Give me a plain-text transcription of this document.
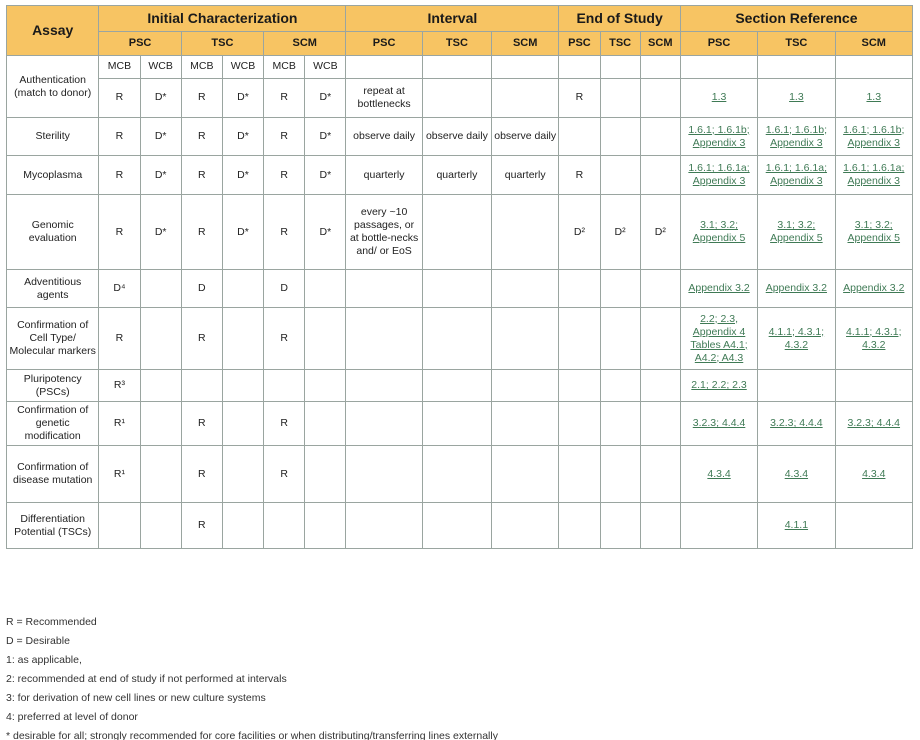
Assay	Initial Characterization						Interval			End of Study			Section Reference		
	PSC		TSC		SCM		PSC	TSC	SCM	PSC	TSC	SCM	PSC	TSC	SCM
Authentication (match to donor)	MCB	WCB	MCB	WCB	MCB	WCB									
	R	D*	R	D*	R	D*	repeat at bottlenecks			R			1.3	1.3	1.3
Sterility	R	D*	R	D*	R	D*	observe daily	observe daily	observe daily				1.6.1; 1.6.1b; Appendix 3	1.6.1; 1.6.1b; Appendix 3	1.6.1; 1.6.1b; Appendix 3
Mycoplasma	R	D*	R	D*	R	D*	quarterly	quarterly	quarterly	R			1.6.1; 1.6.1a; Appendix 3	1.6.1; 1.6.1a; Appendix 3	1.6.1; 1.6.1a; Appendix 3
Genomic evaluation	R	D*	R	D*	R	D*	every ~10 passages, or at bottle-necks and/ or EoS			D²	D²	D²	3.1; 3.2; Appendix 5	3.1; 3.2; Appendix 5	3.1; 3.2; Appendix 5
Adventitious agents	D⁴		D		D								Appendix 3.2	Appendix 3.2	Appendix 3.2
Confirmation of Cell Type/ Molecular markers	R		R		R								2.2; 2.3, Appendix 4 Tables A4.1; A4.2; A4.3	4.1.1; 4.3.1; 4.3.2	4.1.1; 4.3.1; 4.3.2
Pluripotency (PSCs)	R³												2.1; 2.2; 2.3		
Confirmation of genetic modification	R¹		R		R								3.2.3; 4.4.4	3.2.3; 4.4.4	3.2.3; 4.4.4
Confirmation of disease mutation	R¹		R		R								4.3.4	4.3.4	4.3.4
Differentiation Potential (TSCs)			R											4.1.1	
R = Recommended
D = Desirable
1: as applicable,
2: recommended at end of study if not performed at intervals
3: for derivation of new cell lines or new culture systems
4: preferred at level of donor
* desirable for all; strongly recommended for core facilities or when distributing/transferring lines externally
